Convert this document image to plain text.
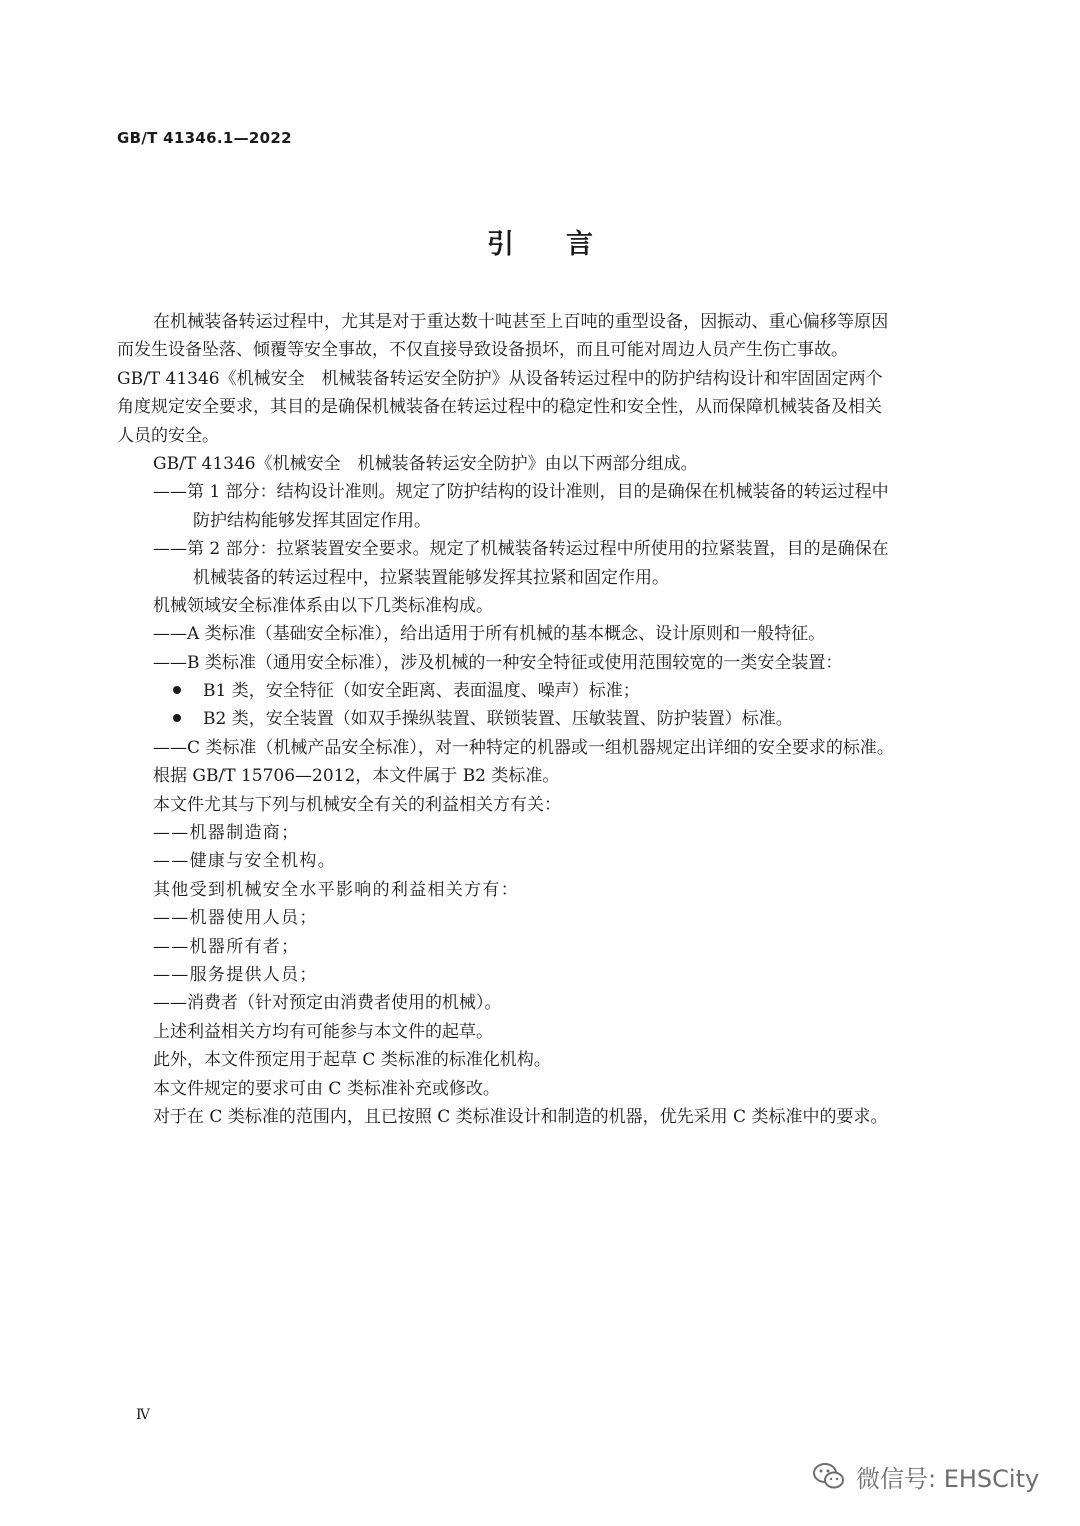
GB/T 41346.1—2022
引言
在机械装备转运过程中，尤其是对于重达数十吨甚至上百吨的重型设备，因振动、重心偏移等原因
而发生设备坠落、倾覆等安全事故，不仅直接导致设备损坏，而且可能对周边人员产生伤亡事故。
GB/T 41346《机械安全　机械装备转运安全防护》从设备转运过程中的防护结构设计和牢固固定两个
角度规定安全要求，其目的是确保机械装备在转运过程中的稳定性和安全性，从而保障机械装备及相关
人员的安全。
GB/T 41346《机械安全　机械装备转运安全防护》由以下两部分组成。
——第 1 部分：结构设计准则。规定了防护结构的设计准则，目的是确保在机械装备的转运过程中
防护结构能够发挥其固定作用。
——第 2 部分：拉紧装置安全要求。规定了机械装备转运过程中所使用的拉紧装置，目的是确保在
机械装备的转运过程中，拉紧装置能够发挥其拉紧和固定作用。
机械领域安全标准体系由以下几类标准构成。
——A 类标准（基础安全标准），给出适用于所有机械的基本概念、设计原则和一般特征。
——B 类标准（通用安全标准），涉及机械的一种安全特征或使用范围较宽的一类安全装置：
B1 类，安全特征（如安全距离、表面温度、噪声）标准；
B2 类，安全装置（如双手操纵装置、联锁装置、压敏装置、防护装置）标准。
——C 类标准（机械产品安全标准），对一种特定的机器或一组机器规定出详细的安全要求的标准。
根据 GB/T 15706—2012，本文件属于 B2 类标准。
本文件尤其与下列与机械安全有关的利益相关方有关：
——机器制造商；
——健康与安全机构。
其他受到机械安全水平影响的利益相关方有：
——机器使用人员；
——机器所有者；
——服务提供人员；
——消费者（针对预定由消费者使用的机械）。
上述利益相关方均有可能参与本文件的起草。
此外，本文件预定用于起草 C 类标准的标准化机构。
本文件规定的要求可由 C 类标准补充或修改。
对于在 C 类标准的范围内，且已按照 C 类标准设计和制造的机器，优先采用 C 类标准中的要求。
Ⅳ
微信号: EHSCity
